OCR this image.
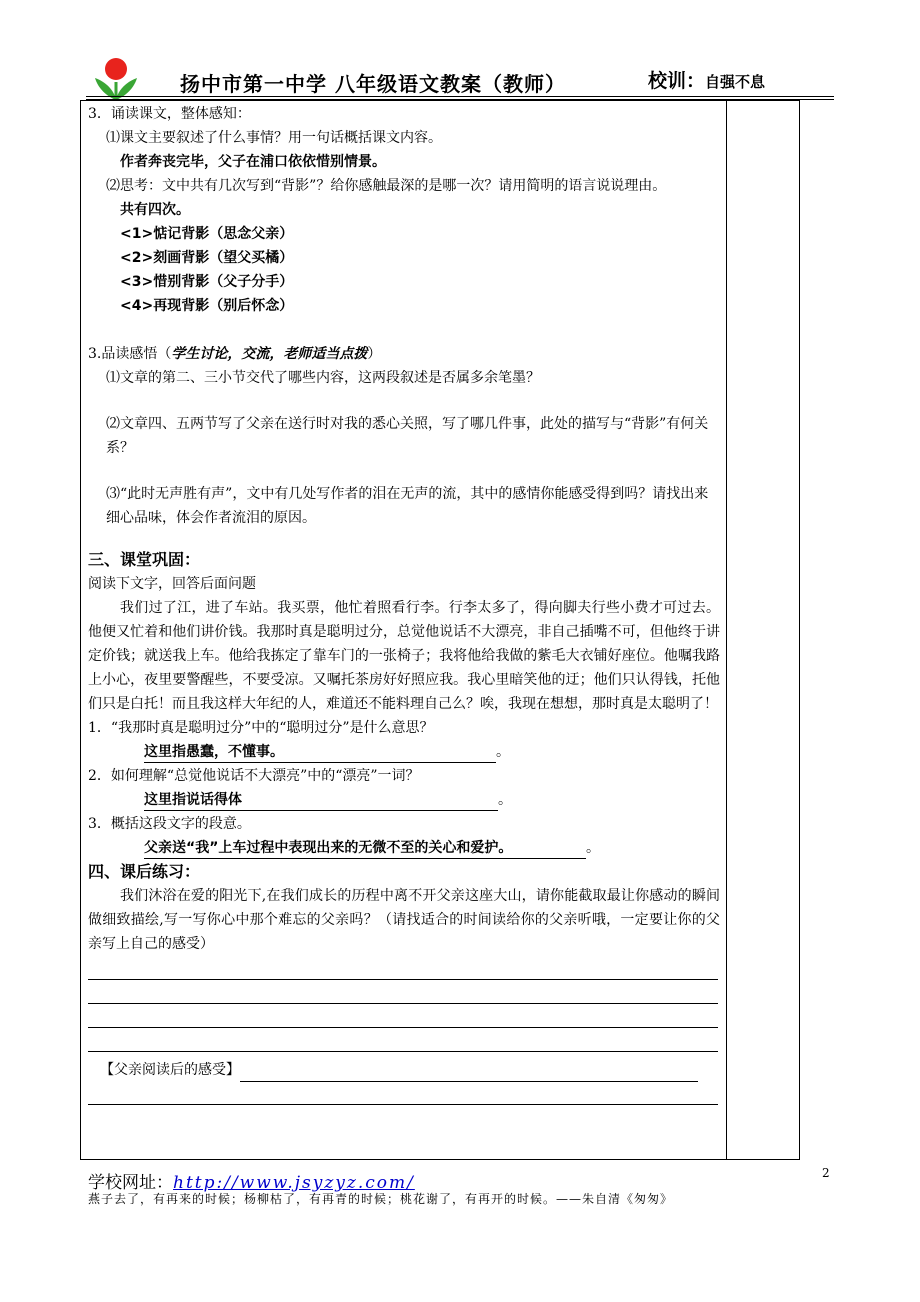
扬中市第一中学 八年级语文教案（教师）	校训：自强不息
3．诵读课文，整体感知：
⑴课文主要叙述了什么事情？用一句话概括课文内容。
作者奔丧完毕，父子在浦口依依惜别情景。
⑵思考：文中共有几次写到“背影”？给你感触最深的是哪一次？请用简明的语言说说理由。
共有四次。
<1>惦记背影（思念父亲）
<2>刻画背影（望父买橘）
<3>惜别背影（父子分手）
<4>再现背影（别后怀念）
3.品读感悟（学生讨论，交流，老师适当点拨）
⑴文章的第二、三小节交代了哪些内容，这两段叙述是否属多余笔墨？
⑵文章四、五两节写了父亲在送行时对我的悉心关照，写了哪几件事，此处的描写与“背影”有何关系？
⑶“此时无声胜有声”，文中有几处写作者的泪在无声的流，其中的感情你能感受得到吗？请找出来细心品味，体会作者流泪的原因。
三、课堂巩固：
阅读下文字，回答后面问题
我们过了江，进了车站。我买票，他忙着照看行李。行李太多了，得向脚夫行些小费才可过去。他便又忙着和他们讲价钱。我那时真是聪明过分，总觉他说话不大漂亮，非自己插嘴不可，但他终于讲定价钱；就送我上车。他给我拣定了靠车门的一张椅子；我将他给我做的紫毛大衣铺好座位。他嘱我路上小心，夜里要警醒些，不要受凉。又嘱托茶房好好照应我。我心里暗笑他的迂；他们只认得钱，托他们只是白托！而且我这样大年纪的人，难道还不能料理自己么？唉，我现在想想，那时真是太聪明了！
1．“我那时真是聪明过分”中的“聪明过分”是什么意思？
这里指愚蠢，不懂事。	。
2．如何理解“总觉他说话不大漂亮”中的“漂亮”一词？
这里指说话得体	。
3．概括这段文字的段意。
父亲送“我”上车过程中表现出来的无微不至的关心和爱护。	。
四、课后练习：
我们沐浴在爱的阳光下,在我们成长的历程中离不开父亲这座大山，请你能截取最让你感动的瞬间做细致描绘,写一写你心中那个难忘的父亲吗？（请找适合的时间读给你的父亲听哦，一定要让你的父亲写上自己的感受）
【父亲阅读后的感受】
学校网址：http://www.jsyzyz.com/
燕子去了，有再来的时候；杨柳枯了，有再青的时候；桃花谢了，有再开的时候。——朱自清《匆匆》
2
